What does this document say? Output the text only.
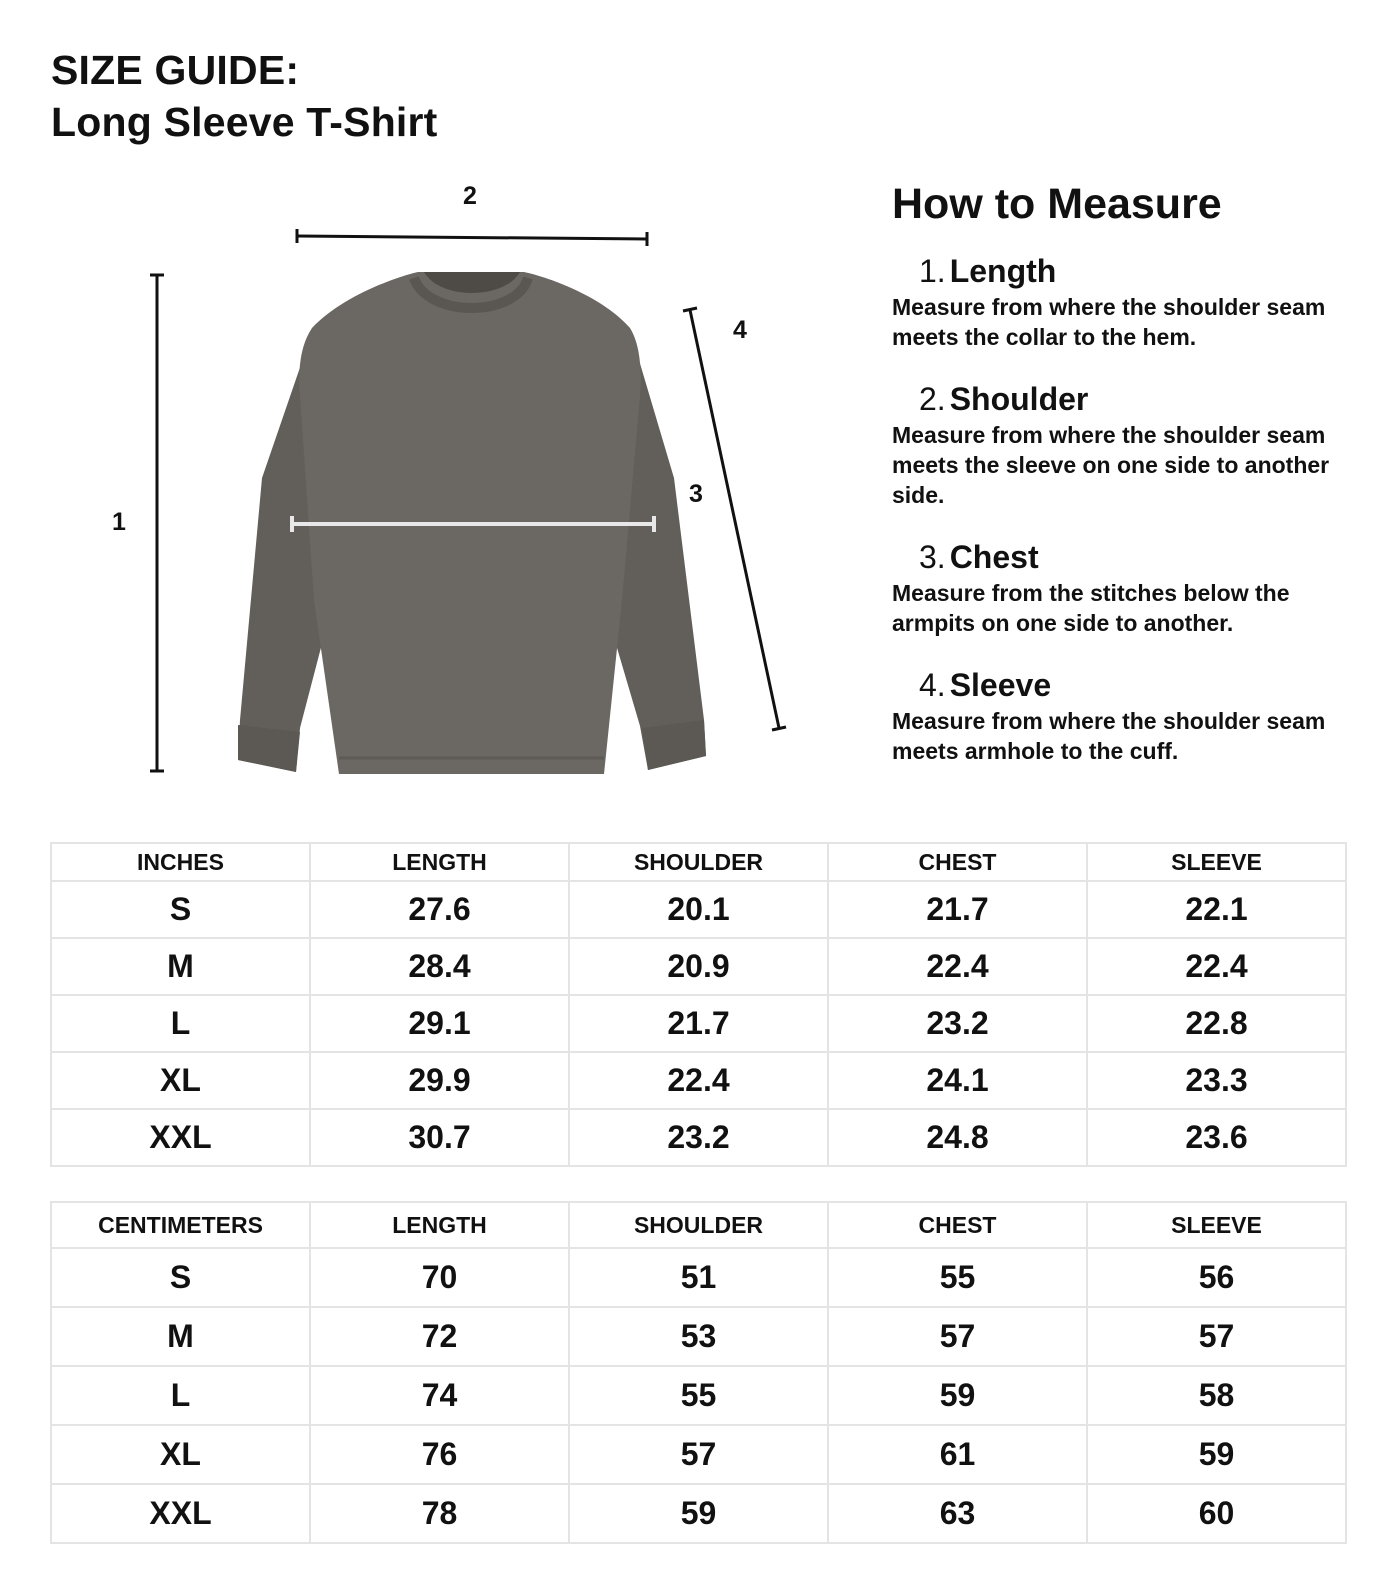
SIZE GUIDE:
Long Sleeve T-Shirt
1
2
3
4
How to Measure
1. Length
Measure from where the shoulder seam meets the collar to the hem.
2. Shoulder
Measure from where the shoulder seam meets the sleeve on one side to another side.
3. Chest
Measure from the stitches below the armpits on one side to another.
4. Sleeve
Measure from where the shoulder seam meets armhole to the cuff.
INCHES	LENGTH	SHOULDER	CHEST	SLEEVE
S	27.6	20.1	21.7	22.1
M	28.4	20.9	22.4	22.4
L	29.1	21.7	23.2	22.8
XL	29.9	22.4	24.1	23.3
XXL	30.7	23.2	24.8	23.6
CENTIMETERS	LENGTH	SHOULDER	CHEST	SLEEVE
S	70	51	55	56
M	72	53	57	57
L	74	55	59	58
XL	76	57	61	59
XXL	78	59	63	60
